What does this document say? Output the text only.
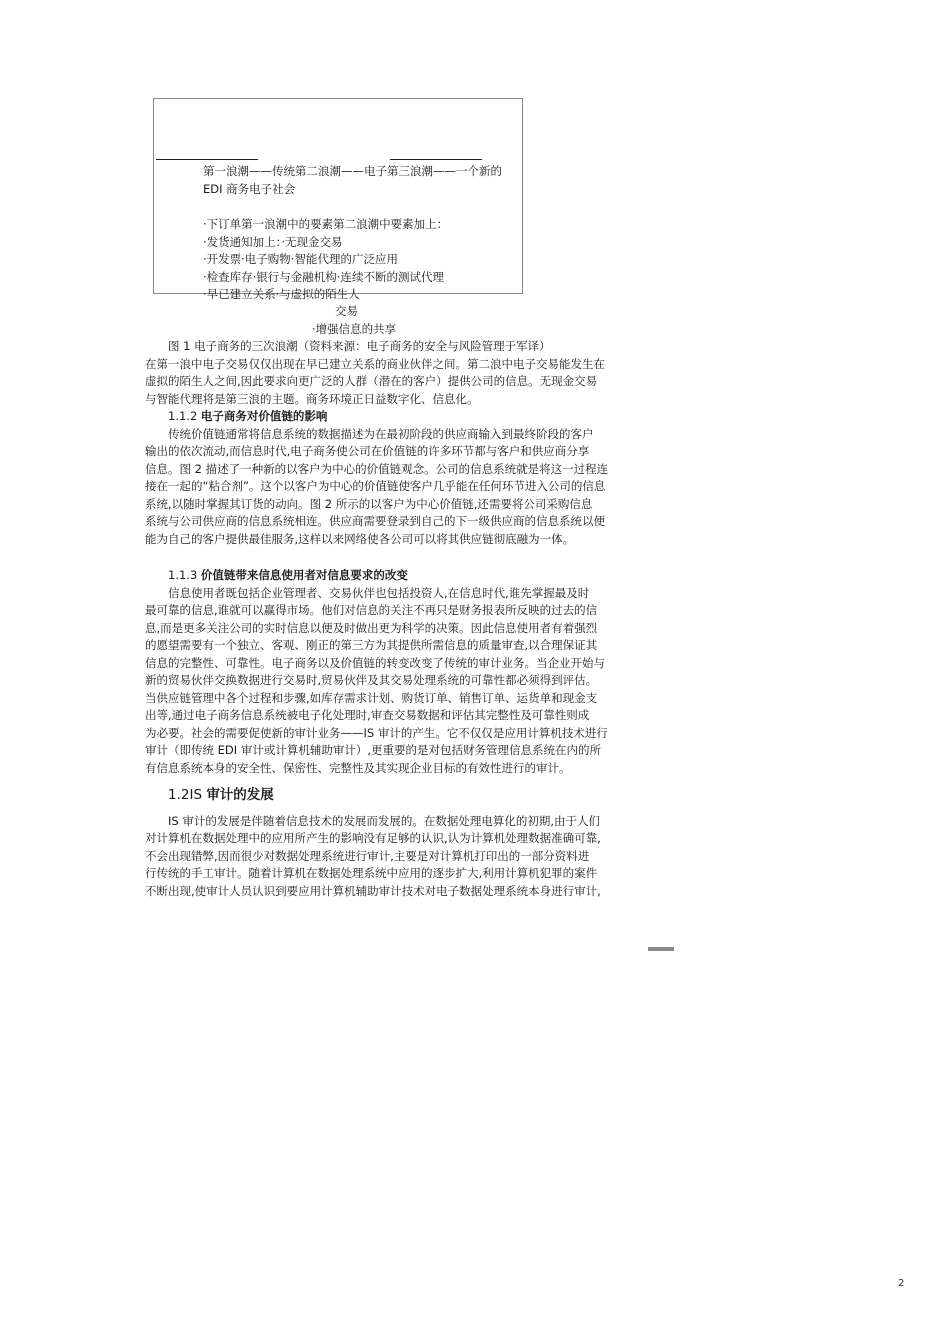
第一浪潮——传统第二浪潮——电子第三浪潮——一个新的
EDI 商务电子社会
·下订单第一浪潮中的要素第二浪潮中要素加上：
·发货通知加上：·无现金交易
·开发票·电子购物·智能代理的广泛应用
·检查库存·银行与金融机构·连续不断的测试代理
·早已建立关系·与虚拟的陌生人
交易
·增强信息的共享
图 1 电子商务的三次浪潮（资料来源：电子商务的安全与风险管理于军译）
在第一浪中电子交易仅仅出现在早已建立关系的商业伙伴之间。第二浪中电子交易能发生在
虚拟的陌生人之间,因此要求向更广泛的人群（潜在的客户）提供公司的信息。无现金交易
与智能代理将是第三浪的主题。商务环境正日益数字化、信息化。
1.1.2 电子商务对价值链的影响
　　传统价值链通常将信息系统的数据描述为在最初阶段的供应商输入到最终阶段的客户
输出的依次流动,而信息时代,电子商务使公司在价值链的许多环节都与客户和供应商分享
信息。图 2 描述了一种新的以客户为中心的价值链观念。公司的信息系统就是将这一过程连
接在一起的“粘合剂”。这个以客户为中心的价值链使客户几乎能在任何环节进入公司的信息
系统,以随时掌握其订货的动向。图 2 所示的以客户为中心价值链,还需要将公司采购信息
系统与公司供应商的信息系统相连。供应商需要登录到自己的下一级供应商的信息系统以便
能为自己的客户提供最佳服务,这样以来网络使各公司可以将其供应链彻底融为一体。
1.1.3 价值链带来信息使用者对信息要求的改变
　　信息使用者既包括企业管理者、交易伙伴也包括投资人,在信息时代,谁先掌握最及时
最可靠的信息,谁就可以赢得市场。他们对信息的关注不再只是财务报表所反映的过去的信
息,而是更多关注公司的实时信息以便及时做出更为科学的决策。因此信息使用者有着强烈
的愿望需要有一个独立、客观、刚正的第三方为其提供所需信息的质量审查,以合理保证其
信息的完整性、可靠性。电子商务以及价值链的转变改变了传统的审计业务。当企业开始与
新的贸易伙伴交换数据进行交易时,贸易伙伴及其交易处理系统的可靠性都必须得到评估。
当供应链管理中各个过程和步骤,如库存需求计划、购货订单、销售订单、运货单和现金支
出等,通过电子商务信息系统被电子化处理时,审查交易数据和评估其完整性及可靠性则成
为必要。社会的需要促使新的审计业务——IS 审计的产生。它不仅仅是应用计算机技术进行
审计（即传统 EDI 审计或计算机辅助审计）,更重要的是对包括财务管理信息系统在内的所
有信息系统本身的安全性、保密性、完整性及其实现企业目标的有效性进行的审计。
1.2IS 审计的发展
　　IS 审计的发展是伴随着信息技术的发展而发展的。在数据处理电算化的初期,由于人们
对计算机在数据处理中的应用所产生的影响没有足够的认识,认为计算机处理数据准确可靠,
不会出现错弊,因而很少对数据处理系统进行审计,主要是对计算机打印出的一部分资料进
行传统的手工审计。随着计算机在数据处理系统中应用的逐步扩大,利用计算机犯罪的案件
不断出现,使审计人员认识到要应用计算机辅助审计技术对电子数据处理系统本身进行审计,
2
